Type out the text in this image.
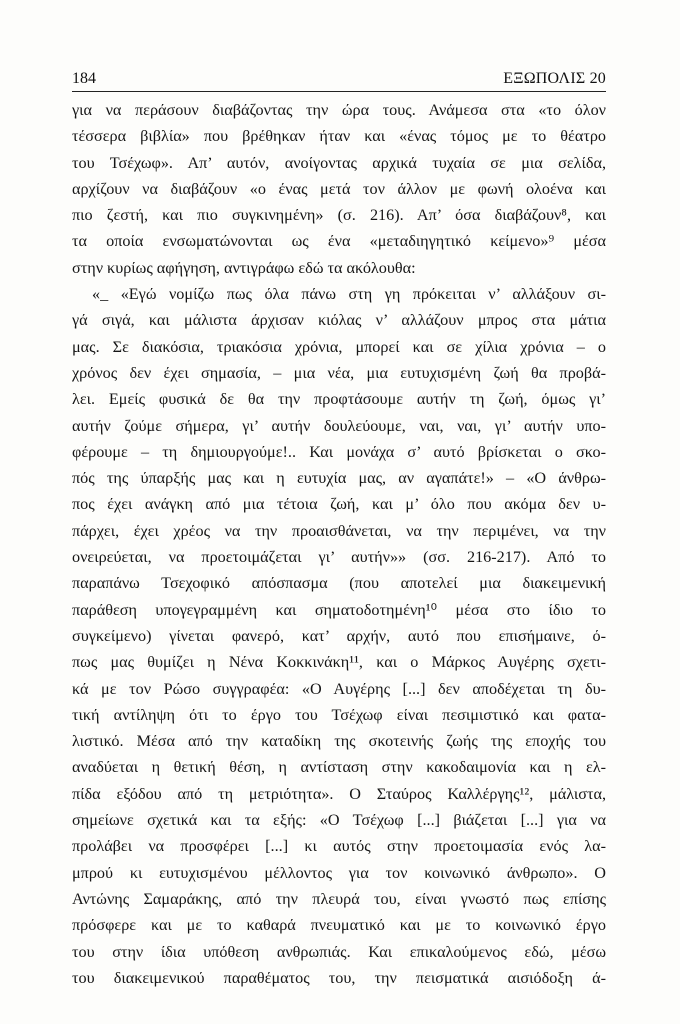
184	ΕΞΩΠΟΛΙΣ 20
για να περάσουν διαβάζοντας την ώρα τους. Ανάμεσα στα «το όλον
τέσσερα βιβλία» που βρέθηκαν ήταν και «ένας τόμος με το θέατρο
του Τσέχωφ». Απ’ αυτόν, ανοίγοντας αρχικά τυχαία σε μια σελίδα,
αρχίζουν να διαβάζουν «ο ένας μετά τον άλλον με φωνή ολοένα και
πιο ζεστή, και πιο συγκινημένη» (σ. 216). Απ’ όσα διαβάζουν⁸, και
τα οποία ενσωματώνονται ως ένα «μεταδιηγητικό κείμενο»⁹ μέσα
στην κυρίως αφήγηση, αντιγράφω εδώ τα ακόλουθα:
«_ «Εγώ νομίζω πως όλα πάνω στη γη πρόκειται ν’ αλλάξουν σι-
γά σιγά, και μάλιστα άρχισαν κιόλας ν’ αλλάζουν μπρος στα μάτια
μας. Σε διακόσια, τριακόσια χρόνια, μπορεί και σε χίλια χρόνια – ο
χρόνος δεν έχει σημασία, – μια νέα, μια ευτυχισμένη ζωή θα προβά-
λει. Εμείς φυσικά δε θα την προφτάσουμε αυτήν τη ζωή, όμως γι’
αυτήν ζούμε σήμερα, γι’ αυτήν δουλεύουμε, ναι, ναι, γι’ αυτήν υπο-
φέρουμε – τη δημιουργούμε!.. Και μονάχα σ’ αυτό βρίσκεται ο σκο-
πός της ύπαρξής μας και η ευτυχία μας, αν αγαπάτε!» – «Ο άνθρω-
πος έχει ανάγκη από μια τέτοια ζωή, και μ’ όλο που ακόμα δεν υ-
πάρχει, έχει χρέος να την προαισθάνεται, να την περιμένει, να την
ονειρεύεται, να προετοιμάζεται γι’ αυτήν»» (σσ. 216-217). Από το
παραπάνω Τσεχοφικό απόσπασμα (που αποτελεί μια διακειμενική
παράθεση υπογεγραμμένη και σηματοδοτημένη¹⁰ μέσα στο ίδιο το
συγκείμενο) γίνεται φανερό, κατ’ αρχήν, αυτό που επισήμαινε, ό-
πως μας θυμίζει η Νένα Κοκκινάκη¹¹, και ο Μάρκος Αυγέρης σχετι-
κά με τον Ρώσο συγγραφέα: «Ο Αυγέρης [...] δεν αποδέχεται τη δυ-
τική αντίληψη ότι το έργο του Τσέχωφ είναι πεσιμιστικό και φατα-
λιστικό. Μέσα από την καταδίκη της σκοτεινής ζωής της εποχής του
αναδύεται η θετική θέση, η αντίσταση στην κακοδαιμονία και η ελ-
πίδα εξόδου από τη μετριότητα». Ο Σταύρος Καλλέργης¹², μάλιστα,
σημείωνε σχετικά και τα εξής: «Ο Τσέχωφ [...] βιάζεται [...] για να
προλάβει να προσφέρει [...] κι αυτός στην προετοιμασία ενός λα-
μπρού κι ευτυχισμένου μέλλοντος για τον κοινωνικό άνθρωπο». Ο
Αντώνης Σαμαράκης, από την πλευρά του, είναι γνωστό πως επίσης
πρόσφερε και με το καθαρά πνευματικό και με το κοινωνικό έργο
του στην ίδια υπόθεση ανθρωπιάς. Και επικαλούμενος εδώ, μέσω
του διακειμενικού παραθέματος του, την πεισματικά αισιόδοξη ά-
